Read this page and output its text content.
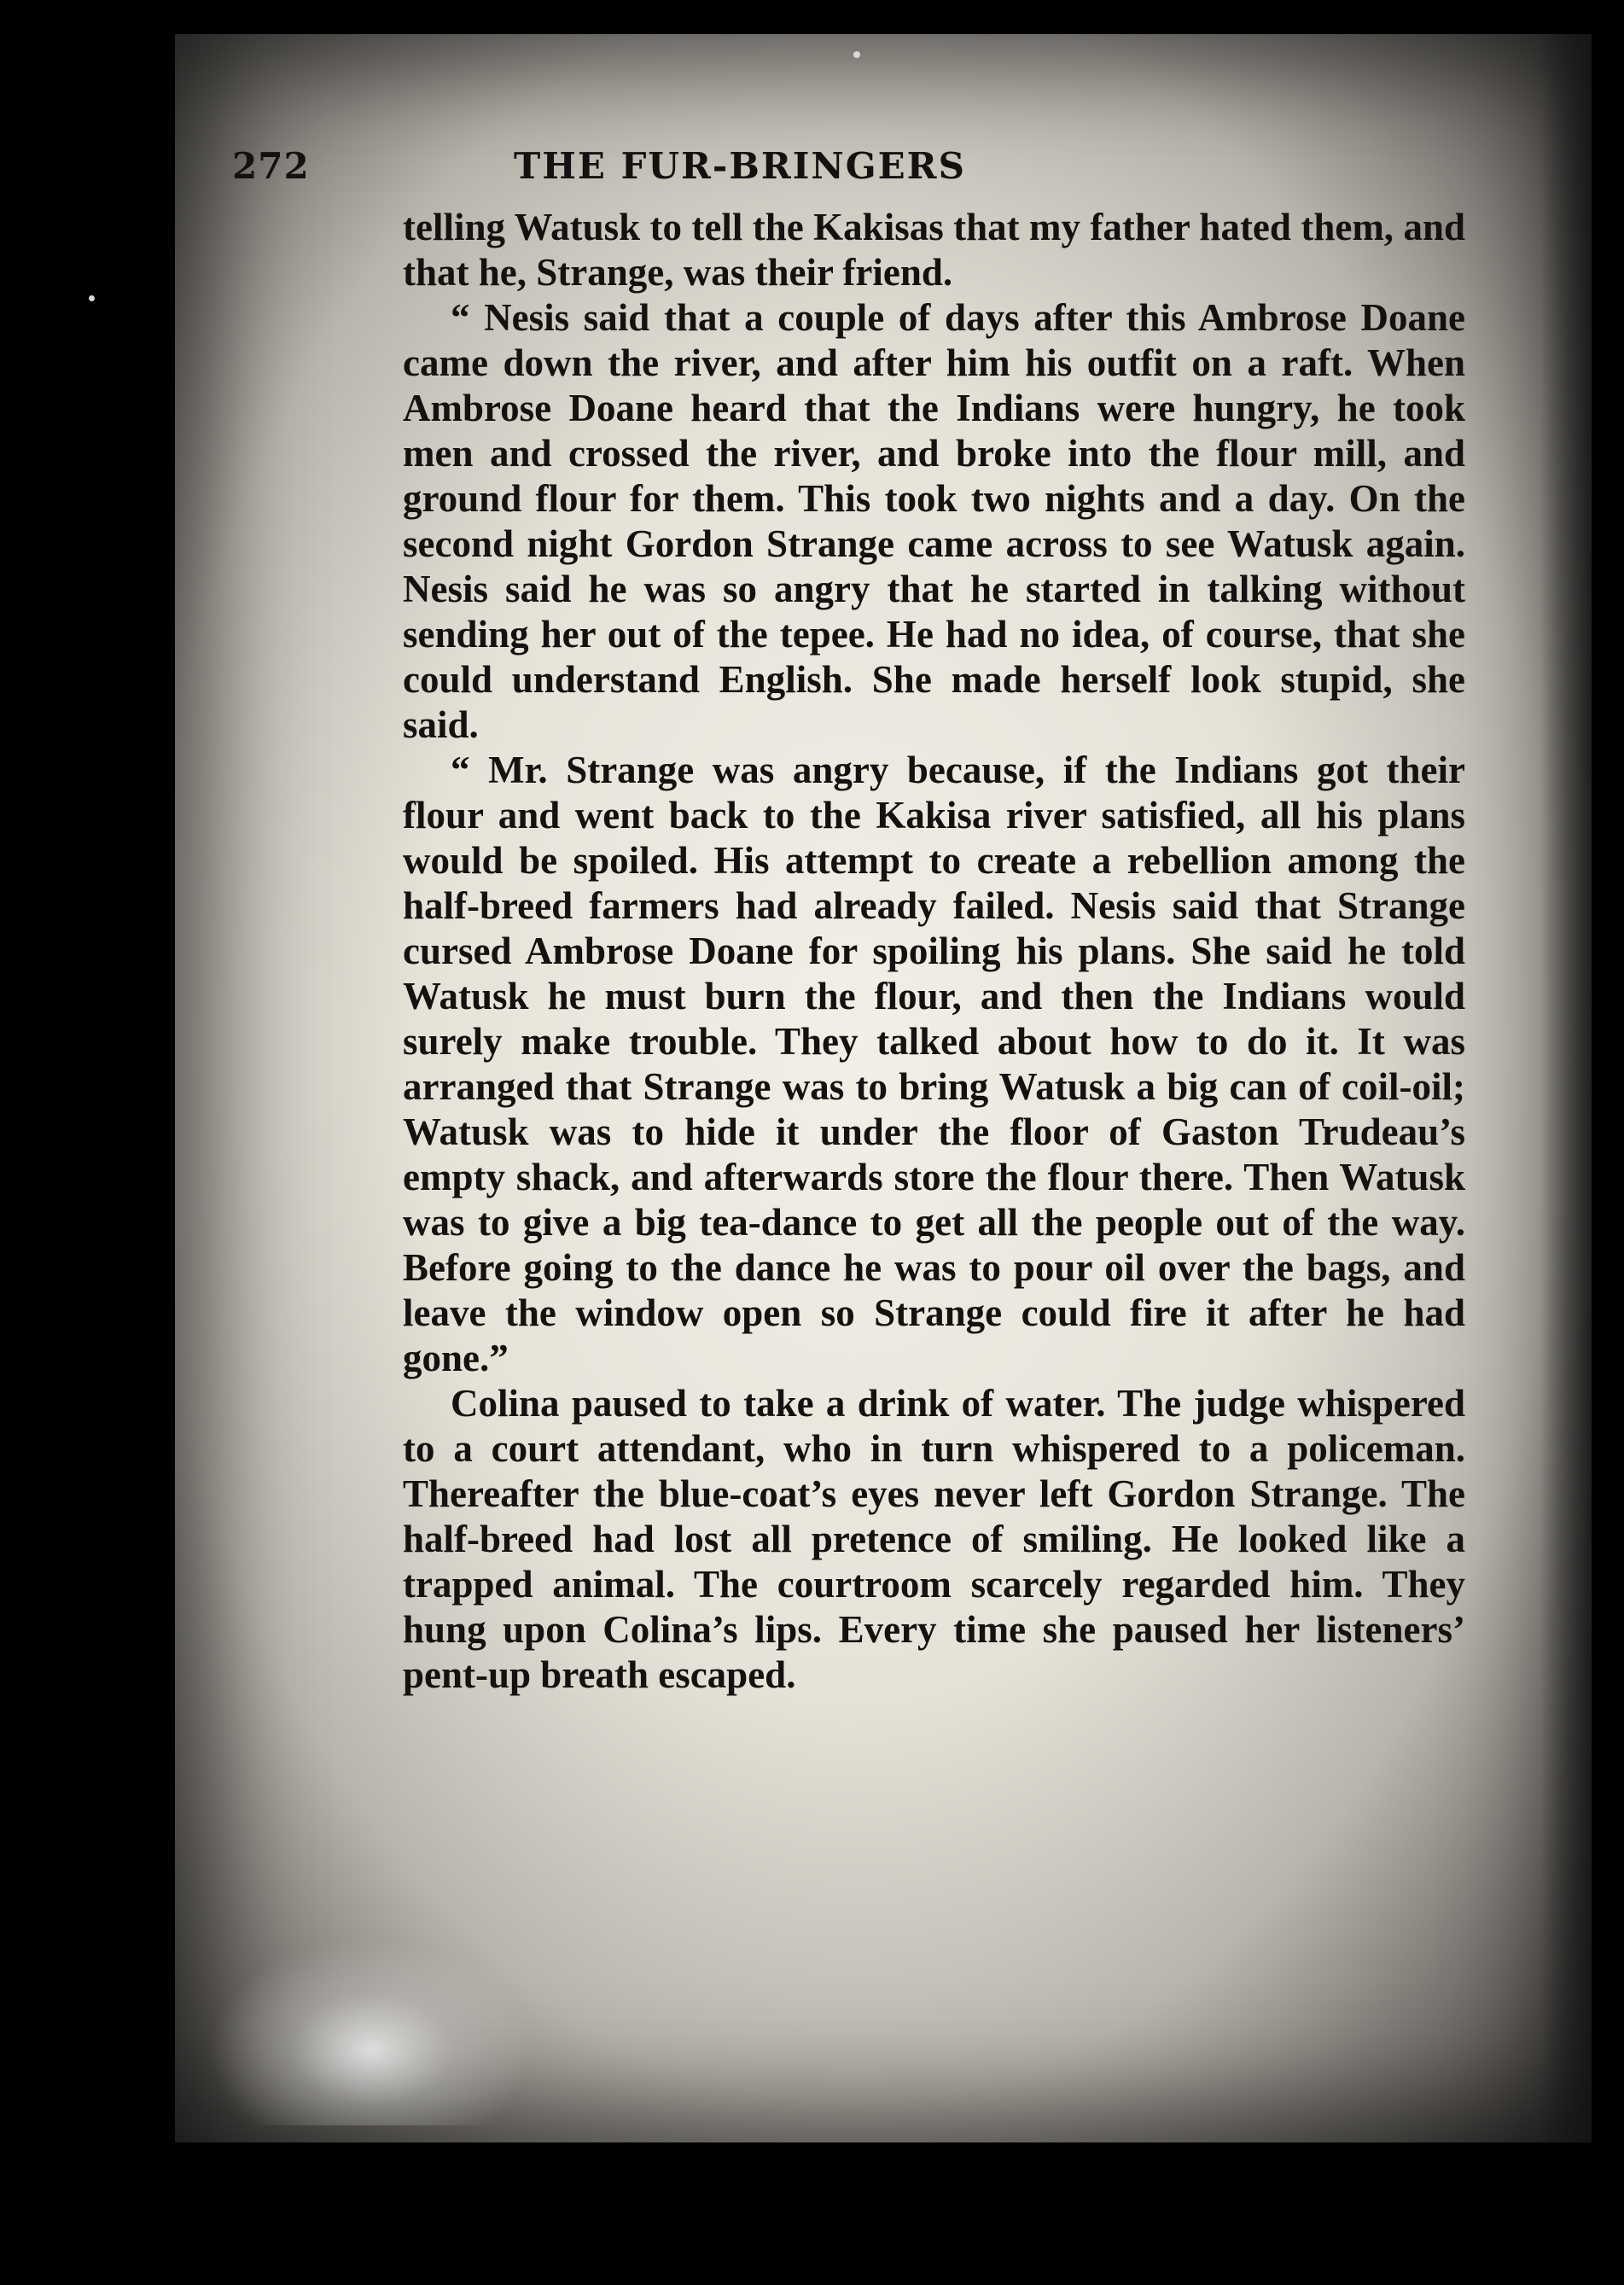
272	THE FUR-BRINGERS

telling Watusk to tell the Kakisas that my father hated them, and that he, Strange, was their friend.

“ Nesis said that a couple of days after this Ambrose Doane came down the river, and after him his outfit on a raft. When Ambrose Doane heard that the Indians were hungry, he took men and crossed the river, and broke into the flour mill, and ground flour for them. This took two nights and a day. On the second night Gordon Strange came across to see Watusk again. Nesis said he was so angry that he started in talking without sending her out of the tepee. He had no idea, of course, that she could understand English. She made herself look stupid, she said.

“ Mr. Strange was angry because, if the Indians got their flour and went back to the Kakisa river satisfied, all his plans would be spoiled. His attempt to create a rebellion among the half-breed farmers had already failed. Nesis said that Strange cursed Ambrose Doane for spoiling his plans. She said he told Watusk he must burn the flour, and then the Indians would surely make trouble. They talked about how to do it. It was arranged that Strange was to bring Watusk a big can of coil-oil; Watusk was to hide it under the floor of Gaston Trudeau’s empty shack, and afterwards store the flour there. Then Watusk was to give a big tea-dance to get all the people out of the way. Before going to the dance he was to pour oil over the bags, and leave the window open so Strange could fire it after he had gone.”

Colina paused to take a drink of water. The judge whispered to a court attendant, who in turn whispered to a policeman. Thereafter the blue-coat’s eyes never left Gordon Strange. The half-breed had lost all pretence of smiling. He looked like a trapped animal. The courtroom scarcely regarded him. They hung upon Colina’s lips. Every time she paused her listeners’ pent-up breath escaped.
